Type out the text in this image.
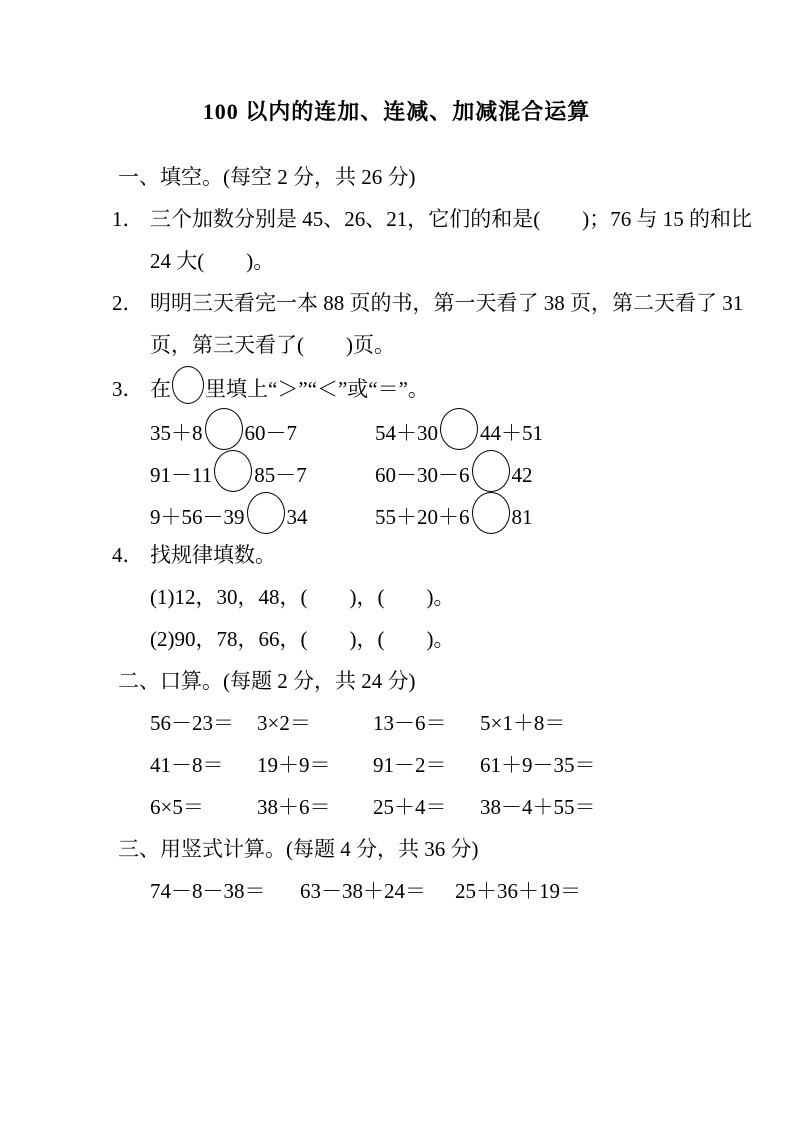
100 以内的连加、连减、加减混合运算
一、填空。(每空 2 分，共 26 分)
1． 三个加数分别是 45、26、21，它们的和是(　　)；76 与 15 的和比
24 大(　　)。
2． 明明三天看完一本 88 页的书，第一天看了 38 页，第二天看了 31
页，第三天看了(　　)页。
3． 在 里填上“＞”“＜”或“＝”。
35＋8 60－7	54＋30 44＋51
91－11 85－7	60－30－6 42
9＋56－39 34	55＋20＋6 81
4． 找规律填数。
(1)12，30，48，(　　)，(　　)。
(2)90，78，66，(　　)，(　　)。
二、口算。(每题 2 分，共 24 分)
56－23＝ 3×2＝	13－6＝ 5×1＋8＝
41－8＝ 19＋9＝ 91－2＝ 61＋9－35＝
6×5＝	38＋6＝ 25＋4＝ 38－4＋55＝
三、用竖式计算。(每题 4 分，共 36 分)
74－8－38＝ 63－38＋24＝ 25＋36＋19＝
